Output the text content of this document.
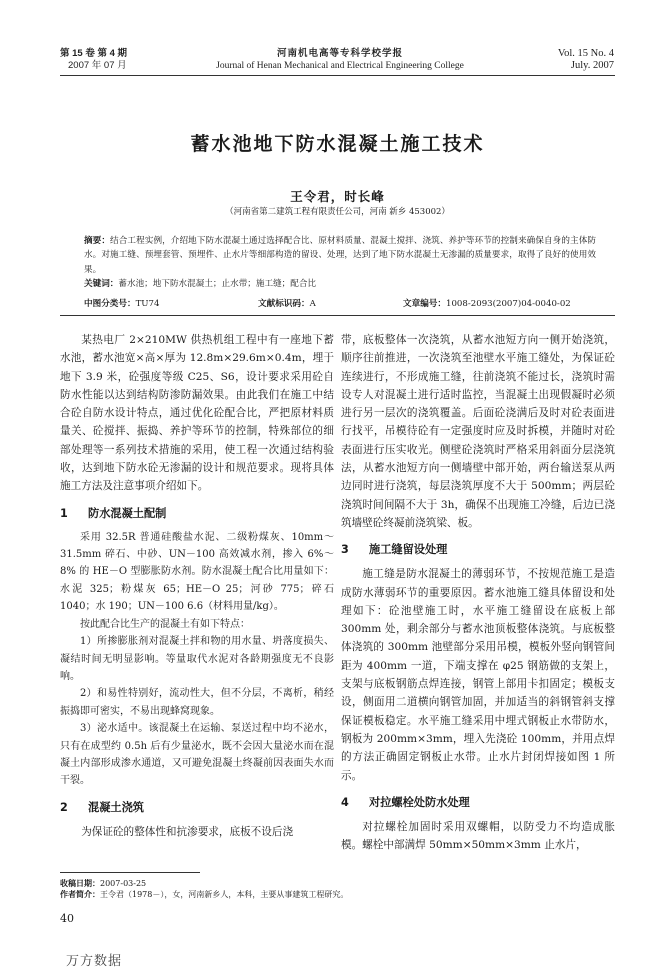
第 15 卷 第 4 期
2007 年 07 月
河南机电高等专科学校学报
Journal of Henan Mechanical and Electrical Engineering College
Vol. 15 No. 4
July. 2007
蓄水池地下防水混凝土施工技术
王令君，时长峰
（河南省第二建筑工程有限责任公司，河南 新乡 453002）
摘要：结合工程实例，介绍地下防水混凝土通过选择配合比、原材料质量、混凝土搅拌、浇筑、养护等环节的控制来确保自身的主体防水。对施工缝、预埋套管、预埋件、止水片等细部构造的留设、处理，达到了地下防水混凝土无渗漏的质量要求，取得了良好的使用效果。
关键词：蓄水池；地下防水混凝土；止水带；施工缝；配合比
中图分类号：TU74	文献标识码：A	文章编号：1008-2093(2007)04-0040-02

某热电厂 2×210MW 供热机组工程中有一座地下蓄水池，蓄水池宽×高×厚为 12.8m×29.6m×0.4m，埋于地下 3.9 米，砼强度等级 C25、S6，设计要求采用砼自防水性能以达到结构防渗防漏效果。由此我们在施工中结合砼自防水设计特点，通过优化砼配合比，严把原材料质量关、砼搅拌、振捣、养护等环节的控制，特殊部位的细部处理等一系列技术措施的采用，使工程一次通过结构验收，达到地下防水砼无渗漏的设计和规范要求。现将具体施工方法及注意事项介绍如下。

1 防水混凝土配制

采用 32.5R 普通硅酸盐水泥、二级粉煤灰、10mm～31.5mm 碎石、中砂、UN－100 高效减水剂，掺入 6%～8% 的 HE－O 型膨胀防水剂。防水混凝土配合比用量如下：水泥 325；粉煤灰 65；HE－O 25；河砂 775；碎石 1040；水 190；UN－100 6.6（材料用量/kg）。

按此配合比生产的混凝土有如下特点：

1）所掺膨胀剂对混凝土拌和物的用水量、坍落度损失、凝结时间无明显影响。等量取代水泥对各龄期强度无不良影响。

2）和易性特别好，流动性大，但不分层，不离析，稍经振捣即可密实，不易出现蜂窝现象。

3）泌水适中。该混凝土在运输、泵送过程中均不泌水，只有在成型约 0.5h 后有少量泌水，既不会因大量泌水而在混凝土内部形成渗水通道，又可避免混凝土终凝前因表面失水而干裂。

2 混凝土浇筑

为保证砼的整体性和抗渗要求，底板不设后浇

带，底板整体一次浇筑，从蓄水池短方向一侧开始浇筑，顺序往前推进，一次浇筑至池壁水平施工缝处，为保证砼连续进行，不形成施工缝，往前浇筑不能过长，浇筑时需设专人对混凝土进行适时监控，当混凝土出现假凝时必须进行另一层次的浇筑覆盖。后面砼浇满后及时对砼表面进行找平，吊模待砼有一定强度时应及时拆模，并随时对砼表面进行压实收光。侧壁砼浇筑时严格采用斜面分层浇筑法，从蓄水池短方向一侧墙壁中部开始，两台输送泵从两边同时进行浇筑，每层浇筑厚度不大于 500mm；两层砼浇筑时间间隔不大于 3h，确保不出现施工冷缝，后边已浇筑墙壁砼终凝前浇筑梁、板。

3 施工缝留设处理

施工缝是防水混凝土的薄弱环节，不按规范施工是造成防水薄弱环节的重要原因。蓄水池施工缝具体留设和处理如下：砼池壁施工时，水平施工缝留设在底板上部 300mm 处，剩余部分与蓄水池顶板整体浇筑。与底板整体浇筑的 300mm 池壁部分采用吊模，模板外竖向钢管间距为 400mm 一道，下端支撑在 φ25 钢筋做的支架上，支架与底板钢筋点焊连接，钢管上部用卡扣固定；模板支设，侧面用二道横向钢管加固，并加适当的斜钢管斜支撑保证模板稳定。水平施工缝采用中埋式钢板止水带防水，钢板为 200mm×3mm，埋入先浇砼 100mm，并用点焊的方法正确固定钢板止水带。止水片封闭焊接如图 1 所示。

4 对拉螺栓处防水处理

对拉螺栓加固时采用双螺帽，以防受力不均造成胀模。螺栓中部满焊 50mm×50mm×3mm 止水片，

收稿日期：2007-03-25
作者简介：王令君（1978－），女，河南新乡人，本科，主要从事建筑工程研究。
40
万方数据
